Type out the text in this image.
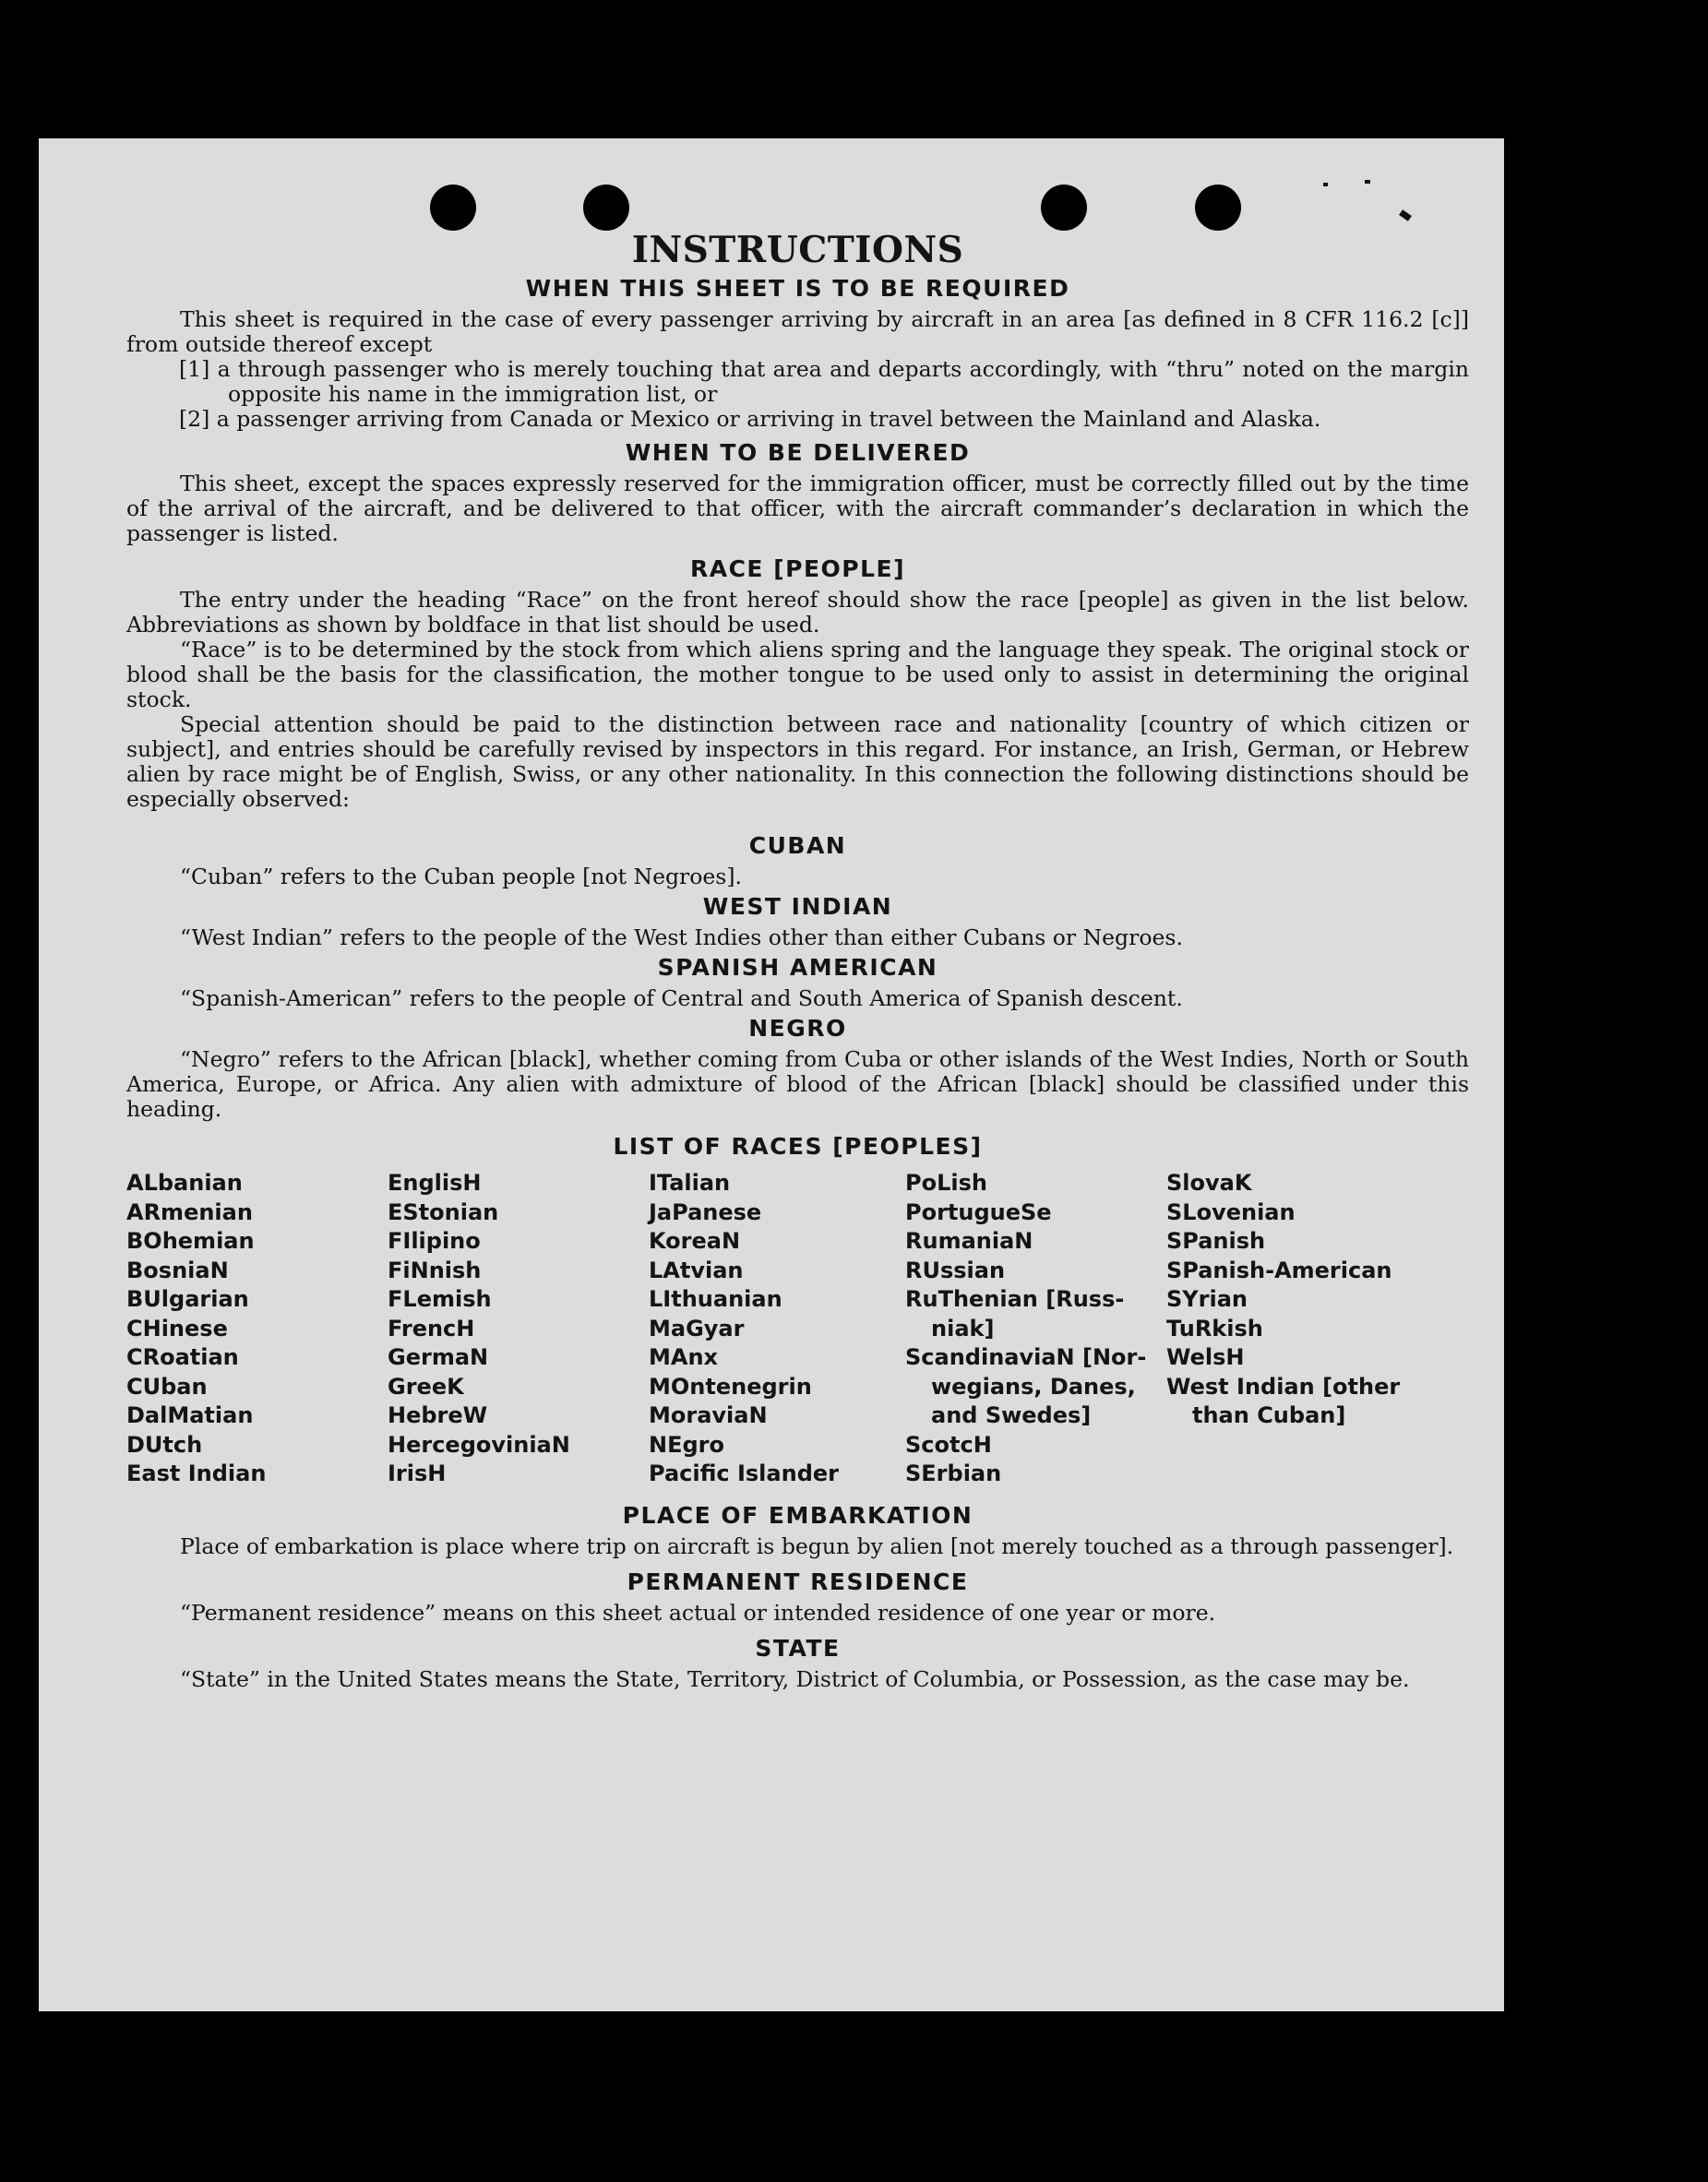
INSTRUCTIONS
WHEN THIS SHEET IS TO BE REQUIRED

This sheet is required in the case of every passenger arriving by aircraft in an area [as defined in 8 CFR 116.2 [c]] from outside thereof except

[1] a through passenger who is merely touching that area and departs accordingly, with “thru” noted on the margin opposite his name in the immigration list, or

[2] a passenger arriving from Canada or Mexico or arriving in travel between the Mainland and Alaska.

WHEN TO BE DELIVERED

This sheet, except the spaces expressly reserved for the immigration officer, must be correctly filled out by the time of the arrival of the aircraft, and be delivered to that officer, with the aircraft commander’s declaration in which the passenger is listed.

RACE [PEOPLE]

The entry under the heading “Race” on the front hereof should show the race [people] as given in the list below. Abbreviations as shown by boldface in that list should be used.

“Race” is to be determined by the stock from which aliens spring and the language they speak. The original stock or blood shall be the basis for the classification, the mother tongue to be used only to assist in determining the original stock.

Special attention should be paid to the distinction between race and nationality [country of which citizen or subject], and entries should be carefully revised by inspectors in this regard. For instance, an Irish, German, or Hebrew alien by race might be of English, Swiss, or any other nationality. In this connection the following distinctions should be especially observed:

CUBAN

“Cuban” refers to the Cuban people [not Negroes].

WEST INDIAN

“West Indian” refers to the people of the West Indies other than either Cubans or Negroes.

SPANISH AMERICAN

“Spanish-American” refers to the people of Central and South America of Spanish descent.

NEGRO

“Negro” refers to the African [black], whether coming from Cuba or other islands of the West Indies, North or South America, Europe, or Africa. Any alien with admixture of blood of the African [black] should be classified under this heading.

LIST OF RACES [PEOPLES]
ALbanian
ARmenian
BOhemian
BosniaN
BUlgarian
CHinese
CRoatian
CUban
DalMatian
DUtch
East Indian
EnglisH
EStonian
FIlipino
FiNnish
FLemish
FrencH
GermaN
GreeK
HebreW
HercegoviniaN
IrisH
ITalian
JaPanese
KoreaN
LAtvian
LIthuanian
MaGyar
MAnx
MOntenegrin
MoraviaN
NEgro
Pacific Islander
PoLish
PortugueSe
RumaniaN
RUssian
RuThenian [Russ-
niak]
ScandinaviaN [Nor-
wegians, Danes,
and Swedes]
ScotcH
SErbian
SlovaK
SLovenian
SPanish
SPanish-American
SYrian
TuRkish
WelsH
West Indian [other
than Cuban]
PLACE OF EMBARKATION

Place of embarkation is place where trip on aircraft is begun by alien [not merely touched as a through passenger].

PERMANENT RESIDENCE

“Permanent residence” means on this sheet actual or intended residence of one year or more.

STATE

“State” in the United States means the State, Territory, District of Columbia, or Possession, as the case may be.
